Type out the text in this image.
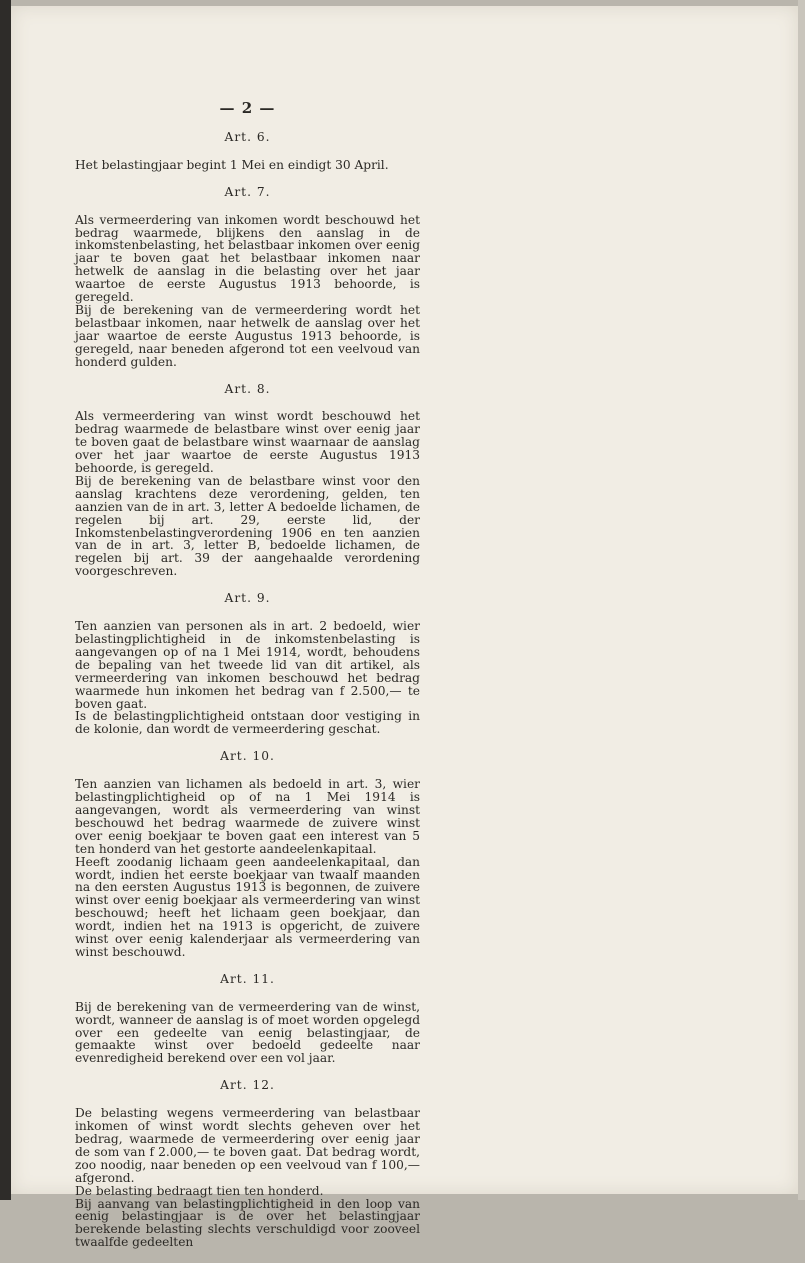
— 2 —
Art. 6.

Het belastingjaar begint 1 Mei en eindigt 30 April.

Art. 7.

Als vermeerdering van inkomen wordt beschouwd het bedrag waarmede, blijkens den aanslag in de inkomstenbelasting, het belastbaar inkomen over eenig jaar te boven gaat het belastbaar inkomen naar hetwelk de aanslag in die belasting over het jaar waartoe de eerste Augustus 1913 behoorde, is geregeld.

Bij de berekening van de vermeerdering wordt het belastbaar inkomen, naar hetwelk de aanslag over het jaar waartoe de eerste Augustus 1913 behoorde, is geregeld, naar beneden afgerond tot een veelvoud van honderd gulden.

Art. 8.

Als vermeerdering van winst wordt beschouwd het bedrag waarmede de belastbare winst over eenig jaar te boven gaat de belastbare winst waarnaar de aanslag over het jaar waartoe de eerste Augustus 1913 behoorde, is geregeld.

Bij de berekening van de belastbare winst voor den aanslag krachtens deze verordening, gelden, ten aanzien van de in art. 3, letter A bedoelde lichamen, de regelen bij art. 29, eerste lid, der Inkomstenbelastingverordening 1906 en ten aanzien van de in art. 3, letter B, bedoelde lichamen, de regelen bij art. 39 der aangehaalde verordening voorgeschreven.

Art. 9.

Ten aanzien van personen als in art. 2 bedoeld, wier belastingplichtigheid in de inkomstenbelasting is aangevangen op of na 1 Mei 1914, wordt, behoudens de bepaling van het tweede lid van dit artikel, als vermeerdering van inkomen beschouwd het bedrag waarmede hun inkomen het bedrag van f 2.500,— te boven gaat.

Is de belastingplichtigheid ontstaan door vestiging in de kolonie, dan wordt de vermeerdering geschat.

Art. 10.

Ten aanzien van lichamen als bedoeld in art. 3, wier belastingplichtigheid op of na 1 Mei 1914 is aangevangen, wordt als vermeerdering van winst beschouwd het bedrag waarmede de zuivere winst over eenig boekjaar te boven gaat een interest van 5 ten honderd van het gestorte aandeelenkapitaal.

Heeft zoodanig lichaam geen aandeelenkapitaal, dan wordt, indien het eerste boekjaar van twaalf maanden na den eersten Augustus 1913 is begonnen, de zuivere winst over eenig boekjaar als vermeerdering van winst beschouwd; heeft het lichaam geen boekjaar, dan wordt, indien het na 1913 is opgericht, de zuivere winst over eenig kalenderjaar als vermeerdering van winst beschouwd.

Art. 11.

Bij de berekening van de vermeerdering van de winst, wordt, wanneer de aanslag is of moet worden opgelegd over een gedeelte van eenig belastingjaar, de gemaakte winst over bedoeld gedeelte naar evenredigheid berekend over een vol jaar.

Art. 12.

De belasting wegens vermeerdering van belastbaar inkomen of winst wordt slechts geheven over het bedrag, waarmede de vermeerdering over eenig jaar de som van f 2.000,— te boven gaat. Dat bedrag wordt, zoo noodig, naar beneden op een veelvoud van f 100,— afgerond.

De belasting bedraagt tien ten honderd.

Bij aanvang van belastingplichtigheid in den loop van eenig belastingjaar is de over het belastingjaar berekende belasting slechts verschuldigd voor zooveel twaalfde gedeelten
